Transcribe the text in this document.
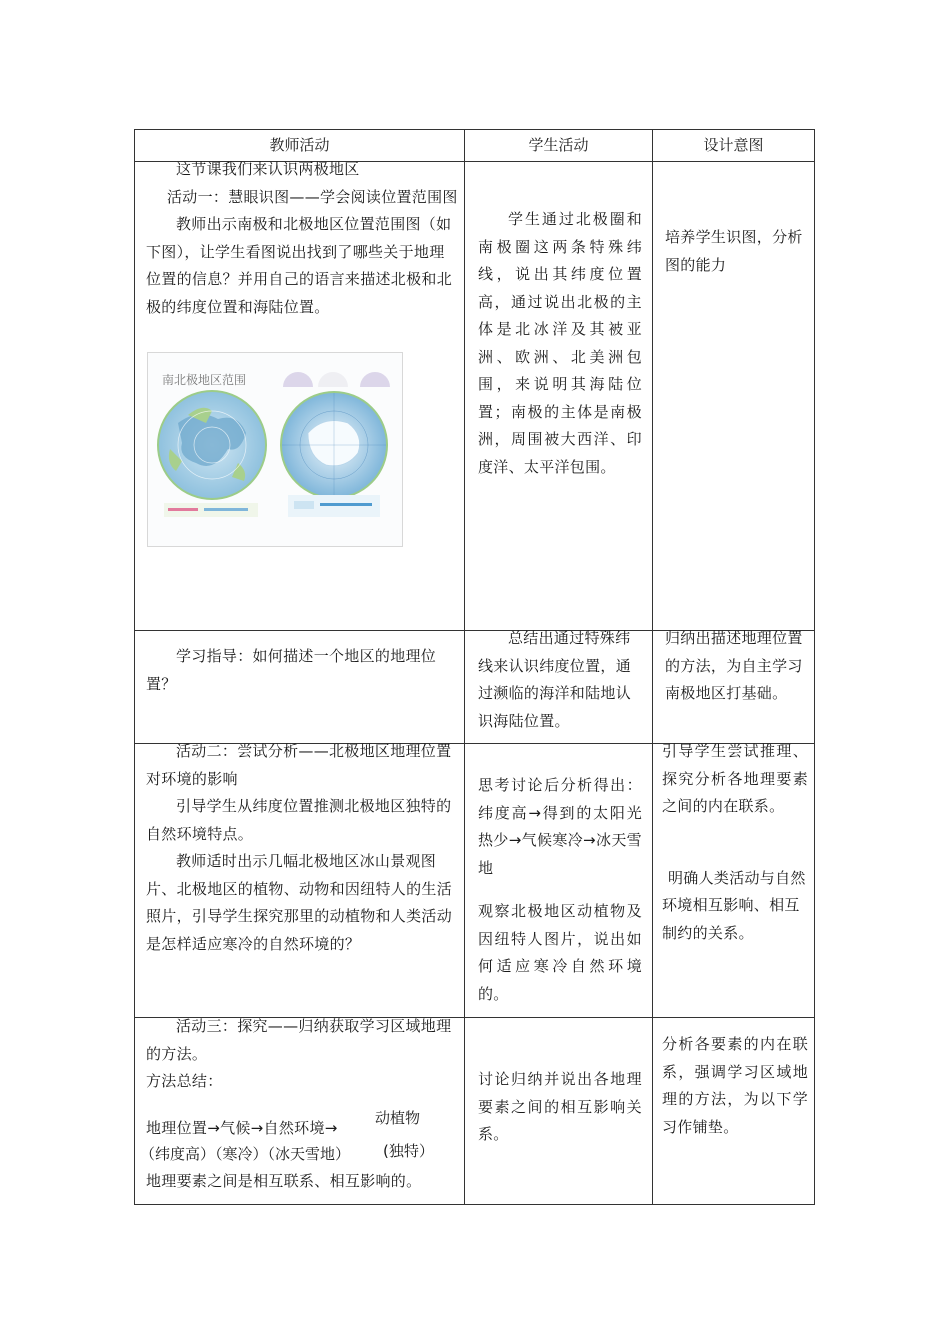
教师活动	学生活动	设计意图

这节课我们来认识两极地区

活动一：慧眼识图——学会阅读位置范围图

教师出示南极和北极地区位置范围图（如下图），让学生看图说出找到了哪些关于地理位置的信息？并用自己的语言来描述北极和北极的纬度位置和海陆位置。

南北极地区范围

学生通过北极圈和南极圈这两条特殊纬线，说出其纬度位置高，通过说出北极的主体是北冰洋及其被亚洲、欧洲、北美洲包围，来说明其海陆位置；南极的主体是南极洲，周围被大西洋、印度洋、太平洋包围。

培养学生识图，分析图的能力

学习指导：如何描述一个地区的地理位置？

总结出通过特殊纬线来认识纬度位置，通过濒临的海洋和陆地认识海陆位置。

归纳出描述地理位置的方法，为自主学习南极地区打基础。

活动二：尝试分析——北极地区地理位置对环境的影响

引导学生从纬度位置推测北极地区独特的自然环境特点。

教师适时出示几幅北极地区冰山景观图片、北极地区的植物、动物和因纽特人的生活照片，引导学生探究那里的动植物和人类活动是怎样适应寒冷的自然环境的？

思考讨论后分析得出：纬度高→得到的太阳光热少→气候寒冷→冰天雪地

观察北极地区动植物及因纽特人图片，说出如何适应寒冷自然环境的。

引导学生尝试推理、探究分析各地理要素之间的内在联系。

明确人类活动与自然环境相互影响、相互制约的关系。

活动三：探究——归纳获取学习区域地理的方法。

方法总结：

动植物
地理位置→气候→自然环境→
（纬度高）（寒冷）（冰天雪地） (独特）
地理要素之间是相互联系、相互影响的。

讨论归纳并说出各地理要素之间的相互影响关系。

分析各要素的内在联系，强调学习区域地理的方法，为以下学习作铺垫。
